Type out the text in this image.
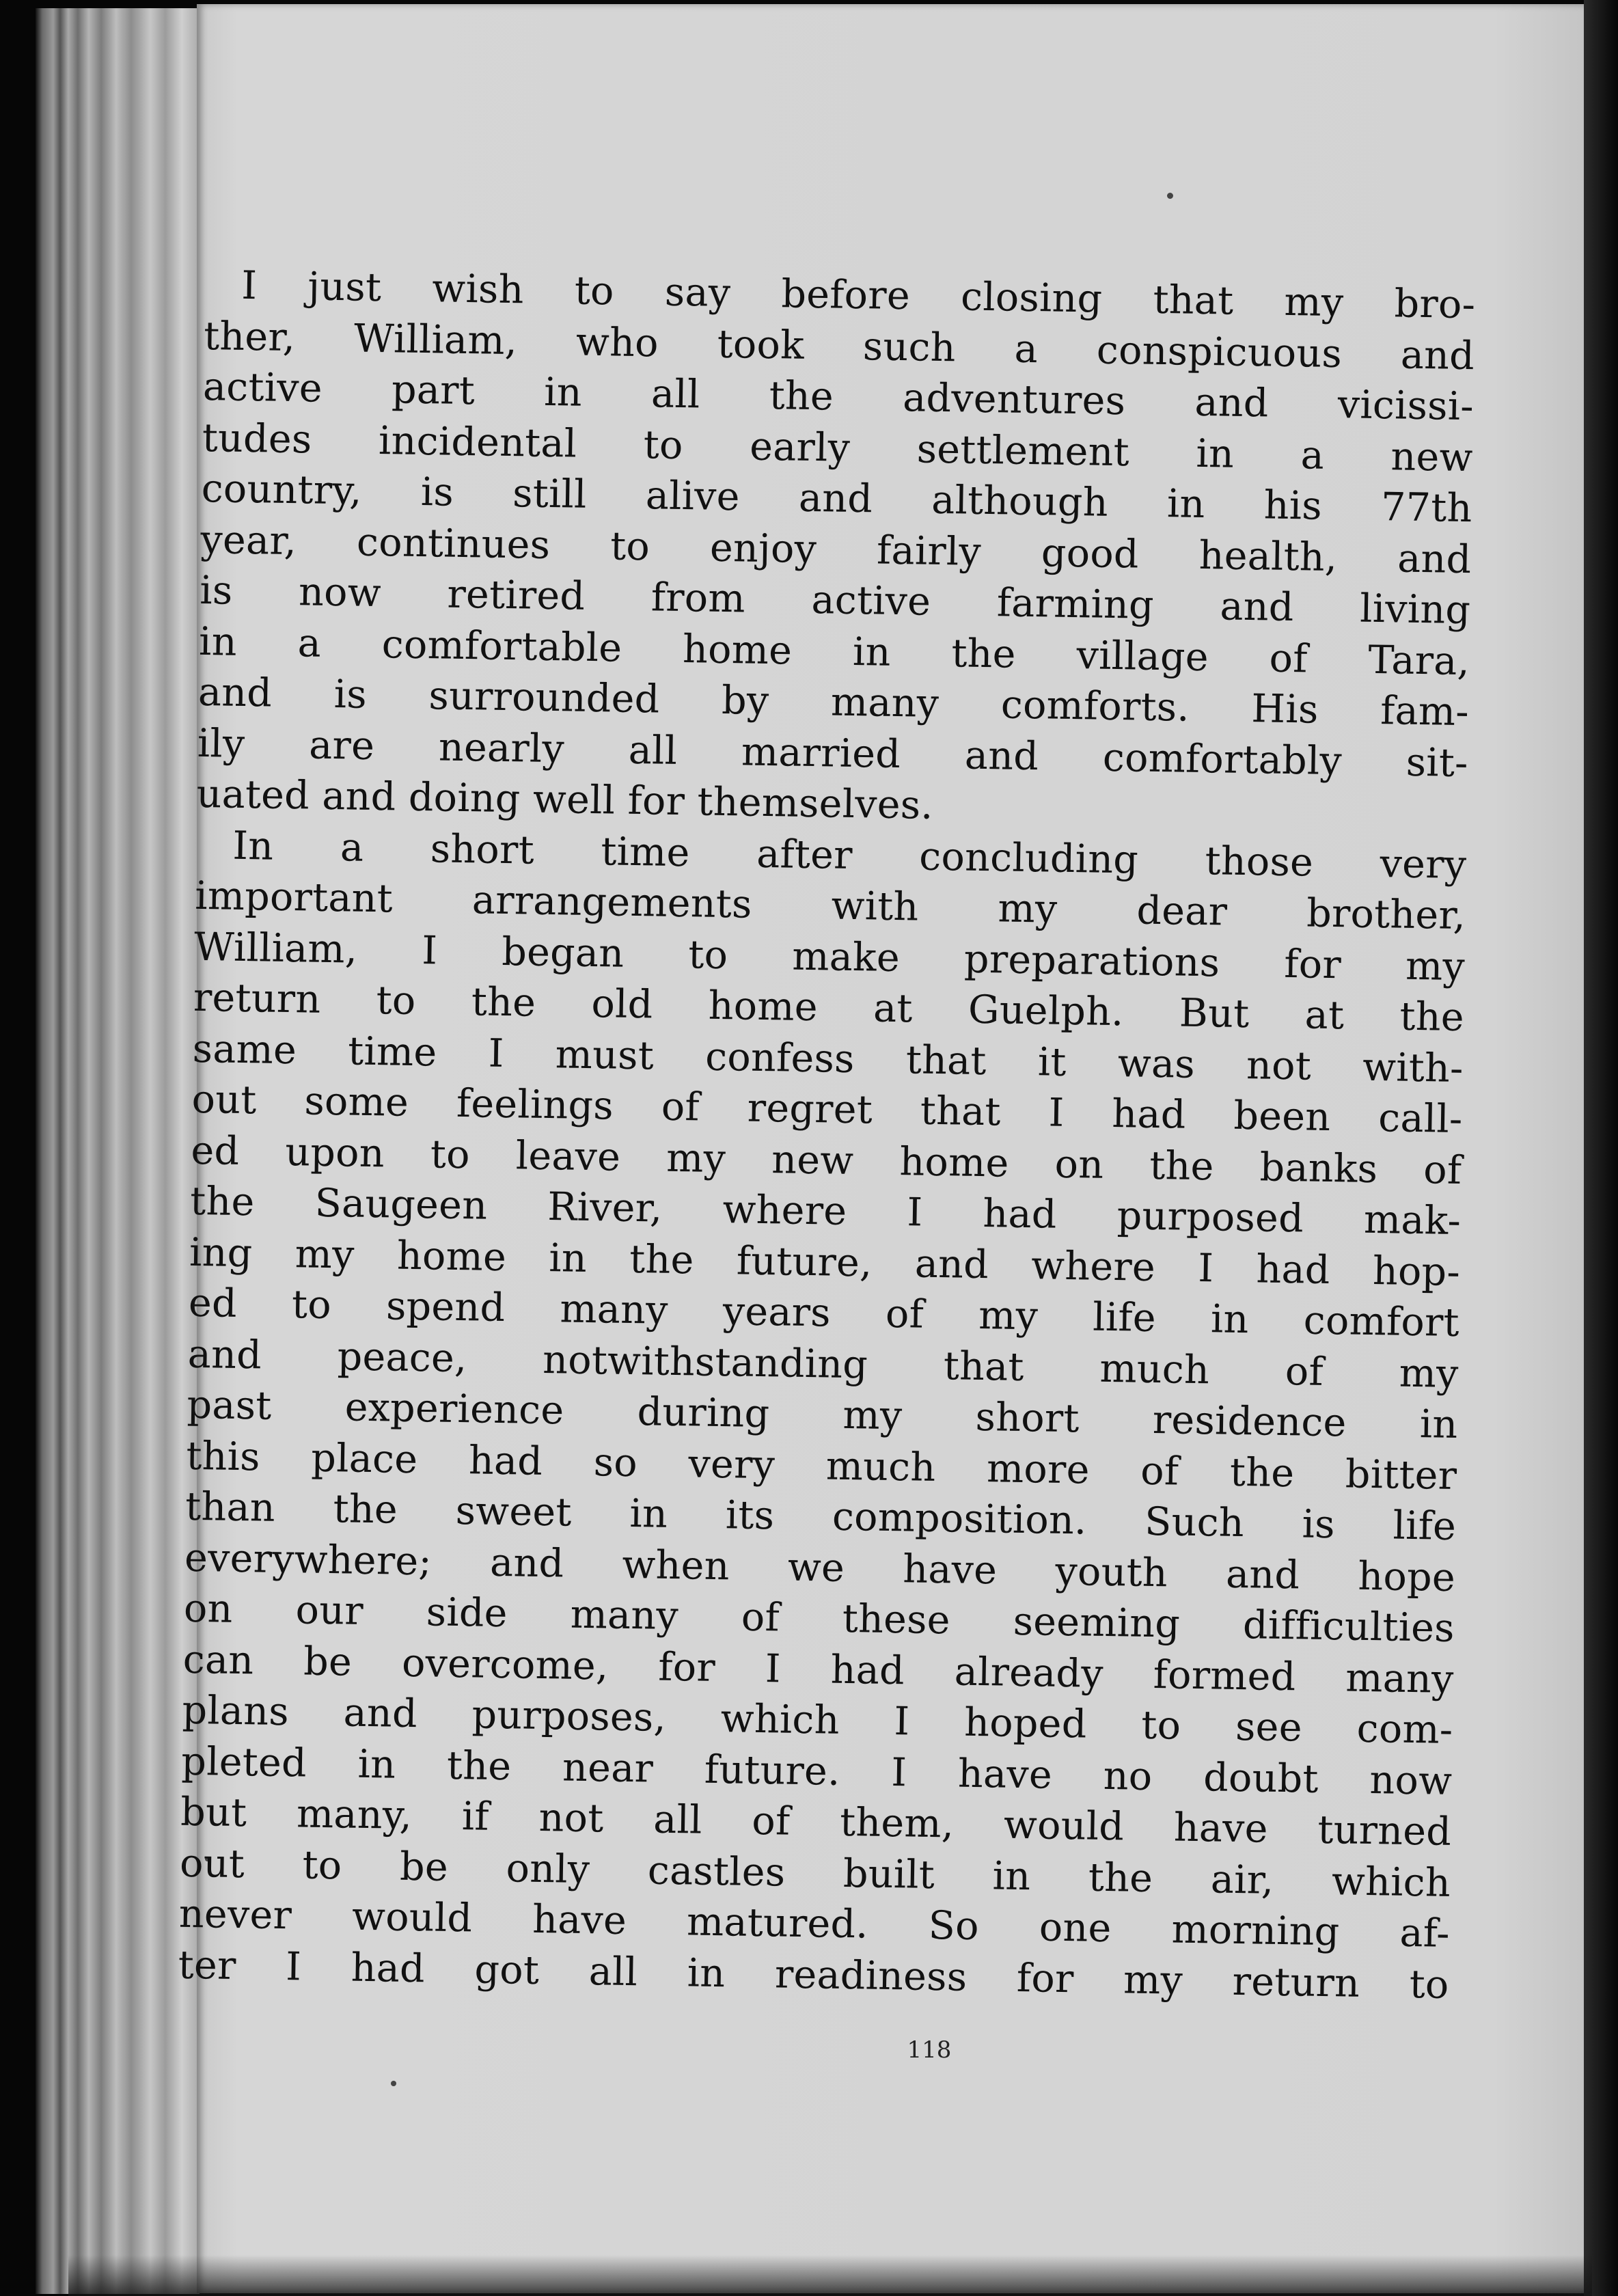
I just wish to say before closing that my bro-
ther, William, who took such a conspicuous and
active part in all the adventures and vicissi-
tudes incidental to early settlement in a new
country, is still alive and although in his 77th
year, continues to enjoy fairly good health, and
is now retired from active farming and living
in a comfortable home in the village of Tara,
and is surrounded by many comforts. His fam-
ily are nearly all married and comfortably sit-
uated and doing well for themselves.

In a short time after concluding those very
important arrangements with my dear brother,
William, I began to make preparations for my
return to the old home at Guelph. But at the
same time I must confess that it was not with-
out some feelings of regret that I had been call-
ed upon to leave my new home on the banks of
the Saugeen River, where I had purposed mak-
ing my home in the future, and where I had hop-
ed to spend many years of my life in comfort
and peace, notwithstanding that much of my
past experience during my short residence in
this place had so very much more of the bitter
than the sweet in its composition. Such is life
everywhere; and when we have youth and hope
on our side many of these seeming difficulties
can be overcome, for I had already formed many
plans and purposes, which I hoped to see com-
pleted in the near future. I have no doubt now
but many, if not all of them, would have turned
out to be only castles built in the air, which
never would have matured. So one morning af-
ter I had got all in readiness for my return to

118
